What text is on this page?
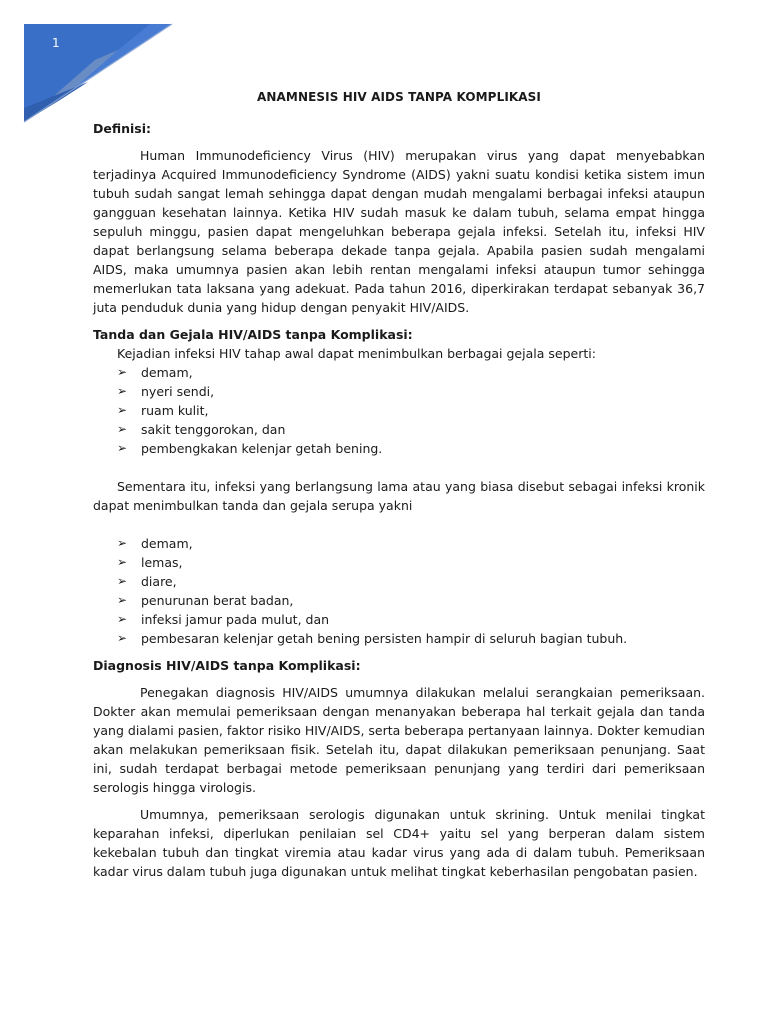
1

ANAMNESIS HIV AIDS TANPA KOMPLIKASI

Definisi:

Human Immunodeficiency Virus (HIV) merupakan virus yang dapat menyebabkan terjadinya Acquired Immunodeficiency Syndrome (AIDS) yakni suatu kondisi ketika sistem imun tubuh sudah sangat lemah sehingga dapat dengan mudah mengalami berbagai infeksi ataupun gangguan kesehatan lainnya. Ketika HIV sudah masuk ke dalam tubuh, selama empat hingga sepuluh minggu, pasien dapat mengeluhkan beberapa gejala infeksi. Setelah itu, infeksi HIV dapat berlangsung selama beberapa dekade tanpa gejala. Apabila pasien sudah mengalami AIDS, maka umumnya pasien akan lebih rentan mengalami infeksi ataupun tumor sehingga memerlukan tata laksana yang adekuat. Pada tahun 2016, diperkirakan terdapat sebanyak 36,7 juta penduduk dunia yang hidup dengan penyakit HIV/AIDS.

Tanda dan Gejala HIV/AIDS tanpa Komplikasi:

Kejadian infeksi HIV tahap awal dapat menimbulkan berbagai gejala seperti:

➢ demam,
➢ nyeri sendi,
➢ ruam kulit,
➢ sakit tenggorokan, dan
➢ pembengkakan kelenjar getah bening.

Sementara itu, infeksi yang berlangsung lama atau yang biasa disebut sebagai infeksi kronik dapat menimbulkan tanda dan gejala serupa yakni

➢ demam,
➢ lemas,
➢ diare,
➢ penurunan berat badan,
➢ infeksi jamur pada mulut, dan
➢ pembesaran kelenjar getah bening persisten hampir di seluruh bagian tubuh.

Diagnosis HIV/AIDS tanpa Komplikasi:

Penegakan diagnosis HIV/AIDS umumnya dilakukan melalui serangkaian pemeriksaan. Dokter akan memulai pemeriksaan dengan menanyakan beberapa hal terkait gejala dan tanda yang dialami pasien, faktor risiko HIV/AIDS, serta beberapa pertanyaan lainnya. Dokter kemudian akan melakukan pemeriksaan fisik. Setelah itu, dapat dilakukan pemeriksaan penunjang. Saat ini, sudah terdapat berbagai metode pemeriksaan penunjang yang terdiri dari pemeriksaan serologis hingga virologis.

Umumnya, pemeriksaan serologis digunakan untuk skrining. Untuk menilai tingkat keparahan infeksi, diperlukan penilaian sel CD4+ yaitu sel yang berperan dalam sistem kekebalan tubuh dan tingkat viremia atau kadar virus yang ada di dalam tubuh. Pemeriksaan kadar virus dalam tubuh juga digunakan untuk melihat tingkat keberhasilan pengobatan pasien.
